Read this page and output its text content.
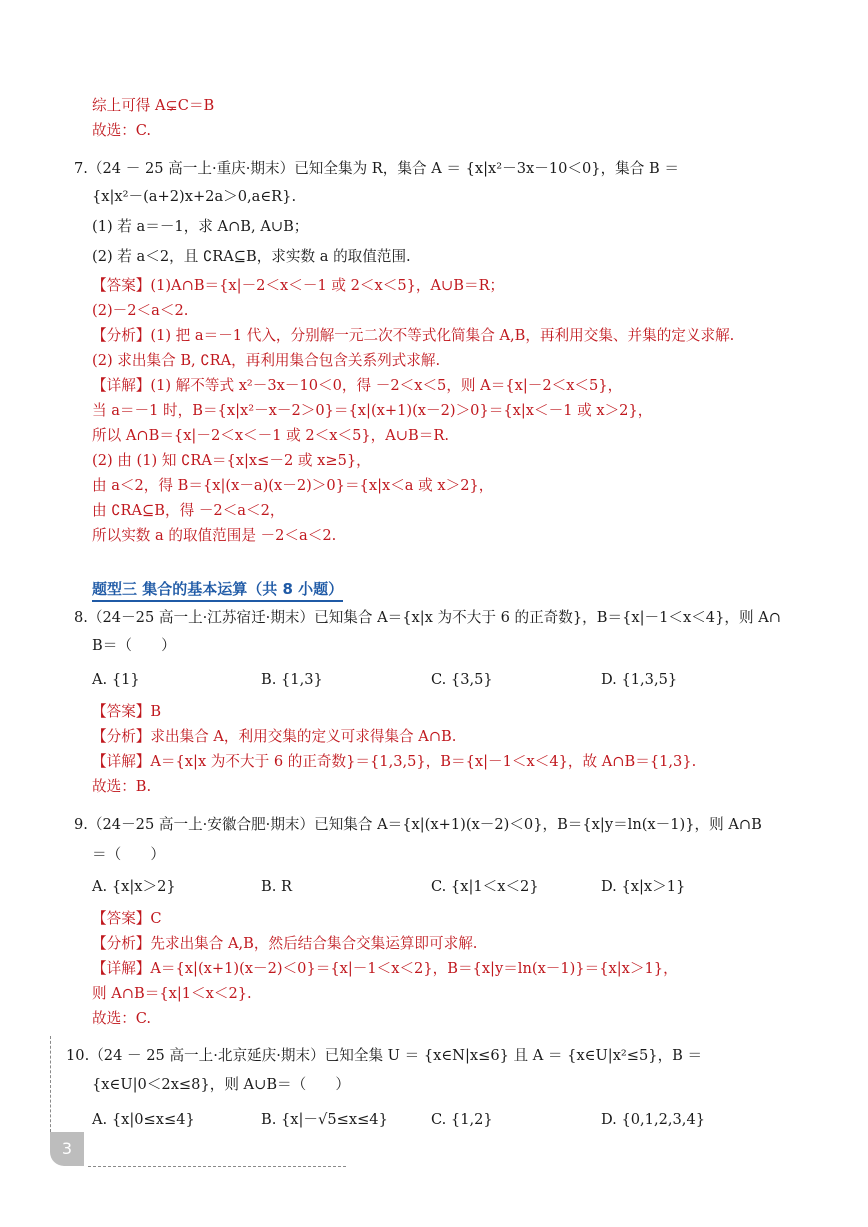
综上可得 A⊊C＝B
故选：C.
7.（24 － 25 高一上·重庆·期末）已知全集为 R，集合 A ＝ {x|x²－3x－10＜0}，集合 B ＝
{x|x²－(a+2)x+2a＞0,a∈R}.
(1) 若 a＝－1，求 A∩B, A∪B；
(2) 若 a＜2，且 ∁RA⊆B，求实数 a 的取值范围.
【答案】(1)A∩B＝{x|－2＜x＜－1 或 2＜x＜5}，A∪B＝R；
(2)－2＜a＜2.
【分析】(1) 把 a＝－1 代入，分别解一元二次不等式化简集合 A,B，再利用交集、并集的定义求解.
(2) 求出集合 B, ∁RA，再利用集合包含关系列式求解.
【详解】(1) 解不等式 x²－3x－10＜0，得 －2＜x＜5，则 A＝{x|－2＜x＜5}，
当 a＝－1 时，B＝{x|x²－x－2＞0}＝{x|(x+1)(x－2)＞0}＝{x|x＜－1 或 x＞2}，
所以 A∩B＝{x|－2＜x＜－1 或 2＜x＜5}，A∪B＝R.
(2) 由 (1) 知 ∁RA＝{x|x≤－2 或 x≥5}，
由 a＜2，得 B＝{x|(x－a)(x－2)＞0}＝{x|x＜a 或 x＞2}，
由 ∁RA⊆B，得 －2＜a＜2，
所以实数 a 的取值范围是 －2＜a＜2.
题型三 集合的基本运算（共 8 小题）
8.（24－25 高一上·江苏宿迁·期末）已知集合 A＝{x|x 为不大于 6 的正奇数}，B＝{x|－1＜x＜4}，则 A∩
B＝（　　）
A. {1}	B. {1,3}	C. {3,5}	D. {1,3,5}
【答案】B
【分析】求出集合 A，利用交集的定义可求得集合 A∩B.
【详解】A＝{x|x 为不大于 6 的正奇数}＝{1,3,5}，B＝{x|－1＜x＜4}，故 A∩B＝{1,3}.
故选：B.
9.（24－25 高一上·安徽合肥·期末）已知集合 A＝{x|(x+1)(x－2)＜0}，B＝{x|y＝ln(x－1)}，则 A∩B
＝（　　）
A. {x|x＞2}	B. R	C. {x|1＜x＜2}	D. {x|x＞1}
【答案】C
【分析】先求出集合 A,B，然后结合集合交集运算即可求解.
【详解】A＝{x|(x+1)(x－2)＜0}＝{x|－1＜x＜2}，B＝{x|y＝ln(x－1)}＝{x|x＞1}，
则 A∩B＝{x|1＜x＜2}.
故选：C.
10.（24 － 25 高一上·北京延庆·期末）已知全集 U ＝ {x∈N|x≤6} 且 A ＝ {x∈U|x²≤5}，B ＝
{x∈U|0＜2x≤8}，则 A∪B＝（　　）
A. {x|0≤x≤4}	B. {x|－√5≤x≤4}	C. {1,2}	D. {0,1,2,3,4}
3
